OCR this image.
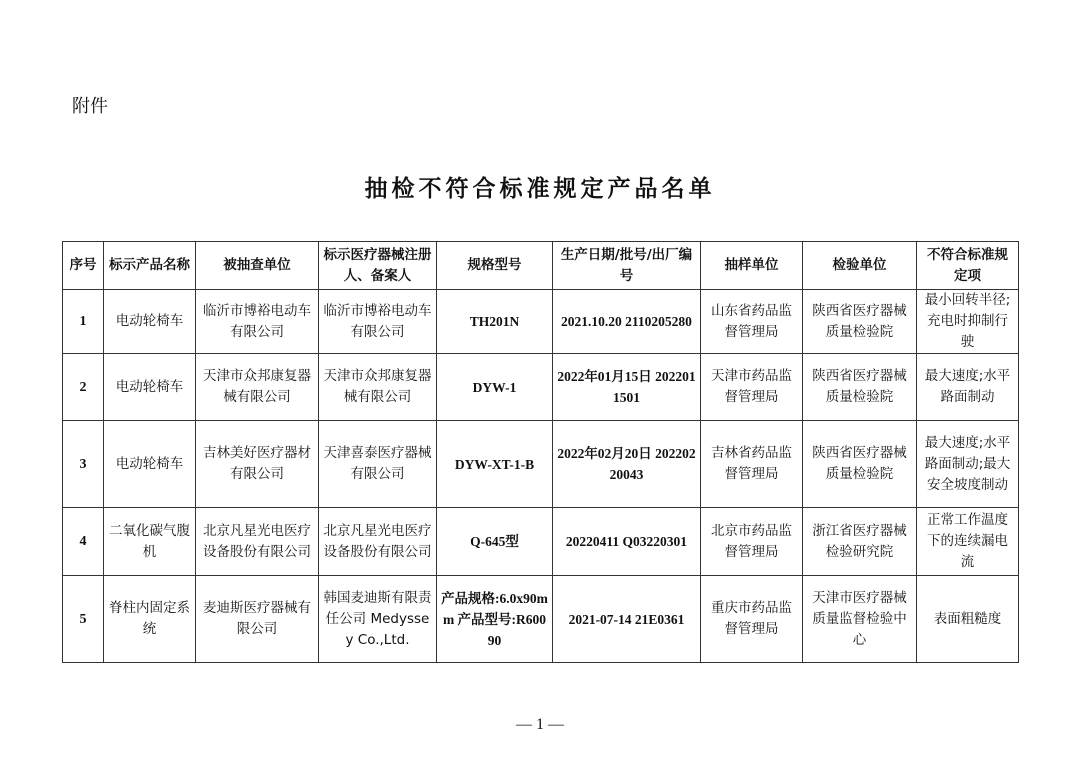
附件
抽检不符合标准规定产品名单
序号	标示产品名称	被抽查单位	标示医疗器械注册人、备案人	规格型号	生产日期/批号/出厂编号	抽样单位	检验单位	不符合标准规定项
1	电动轮椅车	临沂市博裕电动车有限公司	临沂市博裕电动车有限公司	TH201N	2021.10.20 2110205280	山东省药品监督管理局	陕西省医疗器械质量检验院	最小回转半径;充电时抑制行驶
2	电动轮椅车	天津市众邦康复器械有限公司	天津市众邦康复器械有限公司	DYW-1	2022年01月15日 2022011501	天津市药品监督管理局	陕西省医疗器械质量检验院	最大速度;水平路面制动
3	电动轮椅车	吉林美好医疗器材有限公司	天津喜泰医疗器械有限公司	DYW-XT-1-B	2022年02月20日 20220220043	吉林省药品监督管理局	陕西省医疗器械质量检验院	最大速度;水平路面制动;最大安全坡度制动
4	二氧化碳气腹机	北京凡星光电医疗设备股份有限公司	北京凡星光电医疗设备股份有限公司	Q-645型	20220411 Q03220301	北京市药品监督管理局	浙江省医疗器械检验研究院	正常工作温度下的连续漏电流
5	脊柱内固定系统	麦迪斯医疗器械有限公司	韩国麦迪斯有限责任公司 Medyssey Co.,Ltd.	产品规格:6.0x90mm 产品型号:R60090	2021-07-14 21E0361	重庆市药品监督管理局	天津市医疗器械质量监督检验中心	表面粗糙度
— 1 —
